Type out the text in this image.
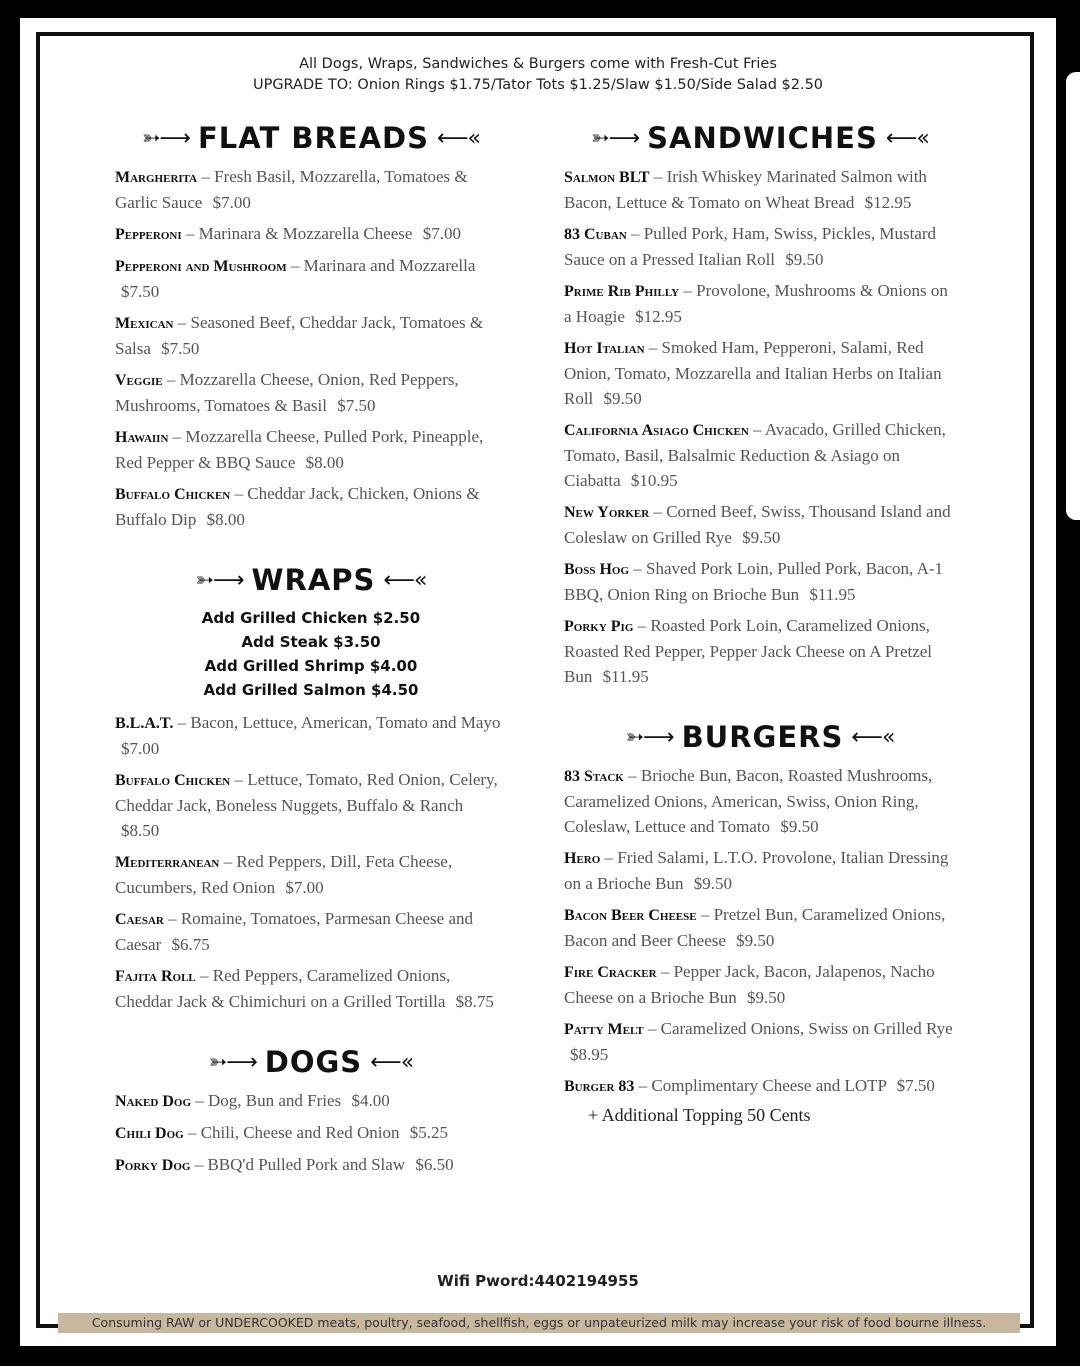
All Dogs, Wraps, Sandwiches & Burgers come with Fresh-Cut Fries
UPGRADE TO: Onion Rings $1.75/Tator Tots $1.25/Slaw $1.50/Side Salad $2.50
➳⟶ FLAT BREADS ⟵«
Margherita – Fresh Basil, Mozzarella, Tomatoes & Garlic Sauce $7.00
Pepperoni – Marinara & Mozzarella Cheese $7.00
Pepperoni and Mushroom – Marinara and Mozzarella $7.50
Mexican – Seasoned Beef, Cheddar Jack, Tomatoes & Salsa $7.50
Veggie – Mozzarella Cheese, Onion, Red Peppers, Mushrooms, Tomatoes & Basil $7.50
Hawaiin – Mozzarella Cheese, Pulled Pork, Pineapple, Red Pepper & BBQ Sauce $8.00
Buffalo Chicken – Cheddar Jack, Chicken, Onions & Buffalo Dip $8.00
➳⟶ WRAPS ⟵«
Add Grilled Chicken $2.50
Add Steak $3.50
Add Grilled Shrimp $4.00
Add Grilled Salmon $4.50
B.L.A.T. – Bacon, Lettuce, American, Tomato and Mayo $7.00
Buffalo Chicken – Lettuce, Tomato, Red Onion, Celery, Cheddar Jack, Boneless Nuggets, Buffalo & Ranch $8.50
Mediterranean – Red Peppers, Dill, Feta Cheese, Cucumbers, Red Onion $7.00
Caesar – Romaine, Tomatoes, Parmesan Cheese and Caesar $6.75
Fajita Roll – Red Peppers, Caramelized Onions, Cheddar Jack & Chimichuri on a Grilled Tortilla $8.75
➳⟶ DOGS ⟵«
Naked Dog – Dog, Bun and Fries $4.00
Chili Dog – Chili, Cheese and Red Onion $5.25
Porky Dog – BBQ'd Pulled Pork and Slaw $6.50
➳⟶ SANDWICHES ⟵«
Salmon BLT – Irish Whiskey Marinated Salmon with Bacon, Lettuce & Tomato on Wheat Bread $12.95
83 Cuban – Pulled Pork, Ham, Swiss, Pickles, Mustard Sauce on a Pressed Italian Roll $9.50
Prime Rib Philly – Provolone, Mushrooms & Onions on a Hoagie $12.95
Hot Italian – Smoked Ham, Pepperoni, Salami, Red Onion, Tomato, Mozzarella and Italian Herbs on Italian Roll $9.50
California Asiago Chicken – Avacado, Grilled Chicken, Tomato, Basil, Balsalmic Reduction & Asiago on Ciabatta $10.95
New Yorker – Corned Beef, Swiss, Thousand Island and Coleslaw on Grilled Rye $9.50
Boss Hog – Shaved Pork Loin, Pulled Pork, Bacon, A-1 BBQ, Onion Ring on Brioche Bun $11.95
Porky Pig – Roasted Pork Loin, Caramelized Onions, Roasted Red Pepper, Pepper Jack Cheese on A Pretzel Bun $11.95
➳⟶ BURGERS ⟵«
83 Stack – Brioche Bun, Bacon, Roasted Mushrooms, Caramelized Onions, American, Swiss, Onion Ring, Coleslaw, Lettuce and Tomato $9.50
Hero – Fried Salami, L.T.O. Provolone, Italian Dressing on a Brioche Bun $9.50
Bacon Beer Cheese – Pretzel Bun, Caramelized Onions, Bacon and Beer Cheese $9.50
Fire Cracker – Pepper Jack, Bacon, Jalapenos, Nacho Cheese on a Brioche Bun $9.50
Patty Melt – Caramelized Onions, Swiss on Grilled Rye $8.95
Burger 83 – Complimentary Cheese and LOTP $7.50
+ Additional Topping 50 Cents
Wifi Pword:4402194955
Consuming RAW or UNDERCOOKED meats, poultry, seafood, shellfish, eggs or unpateurized milk may increase your risk of food bourne illness.
